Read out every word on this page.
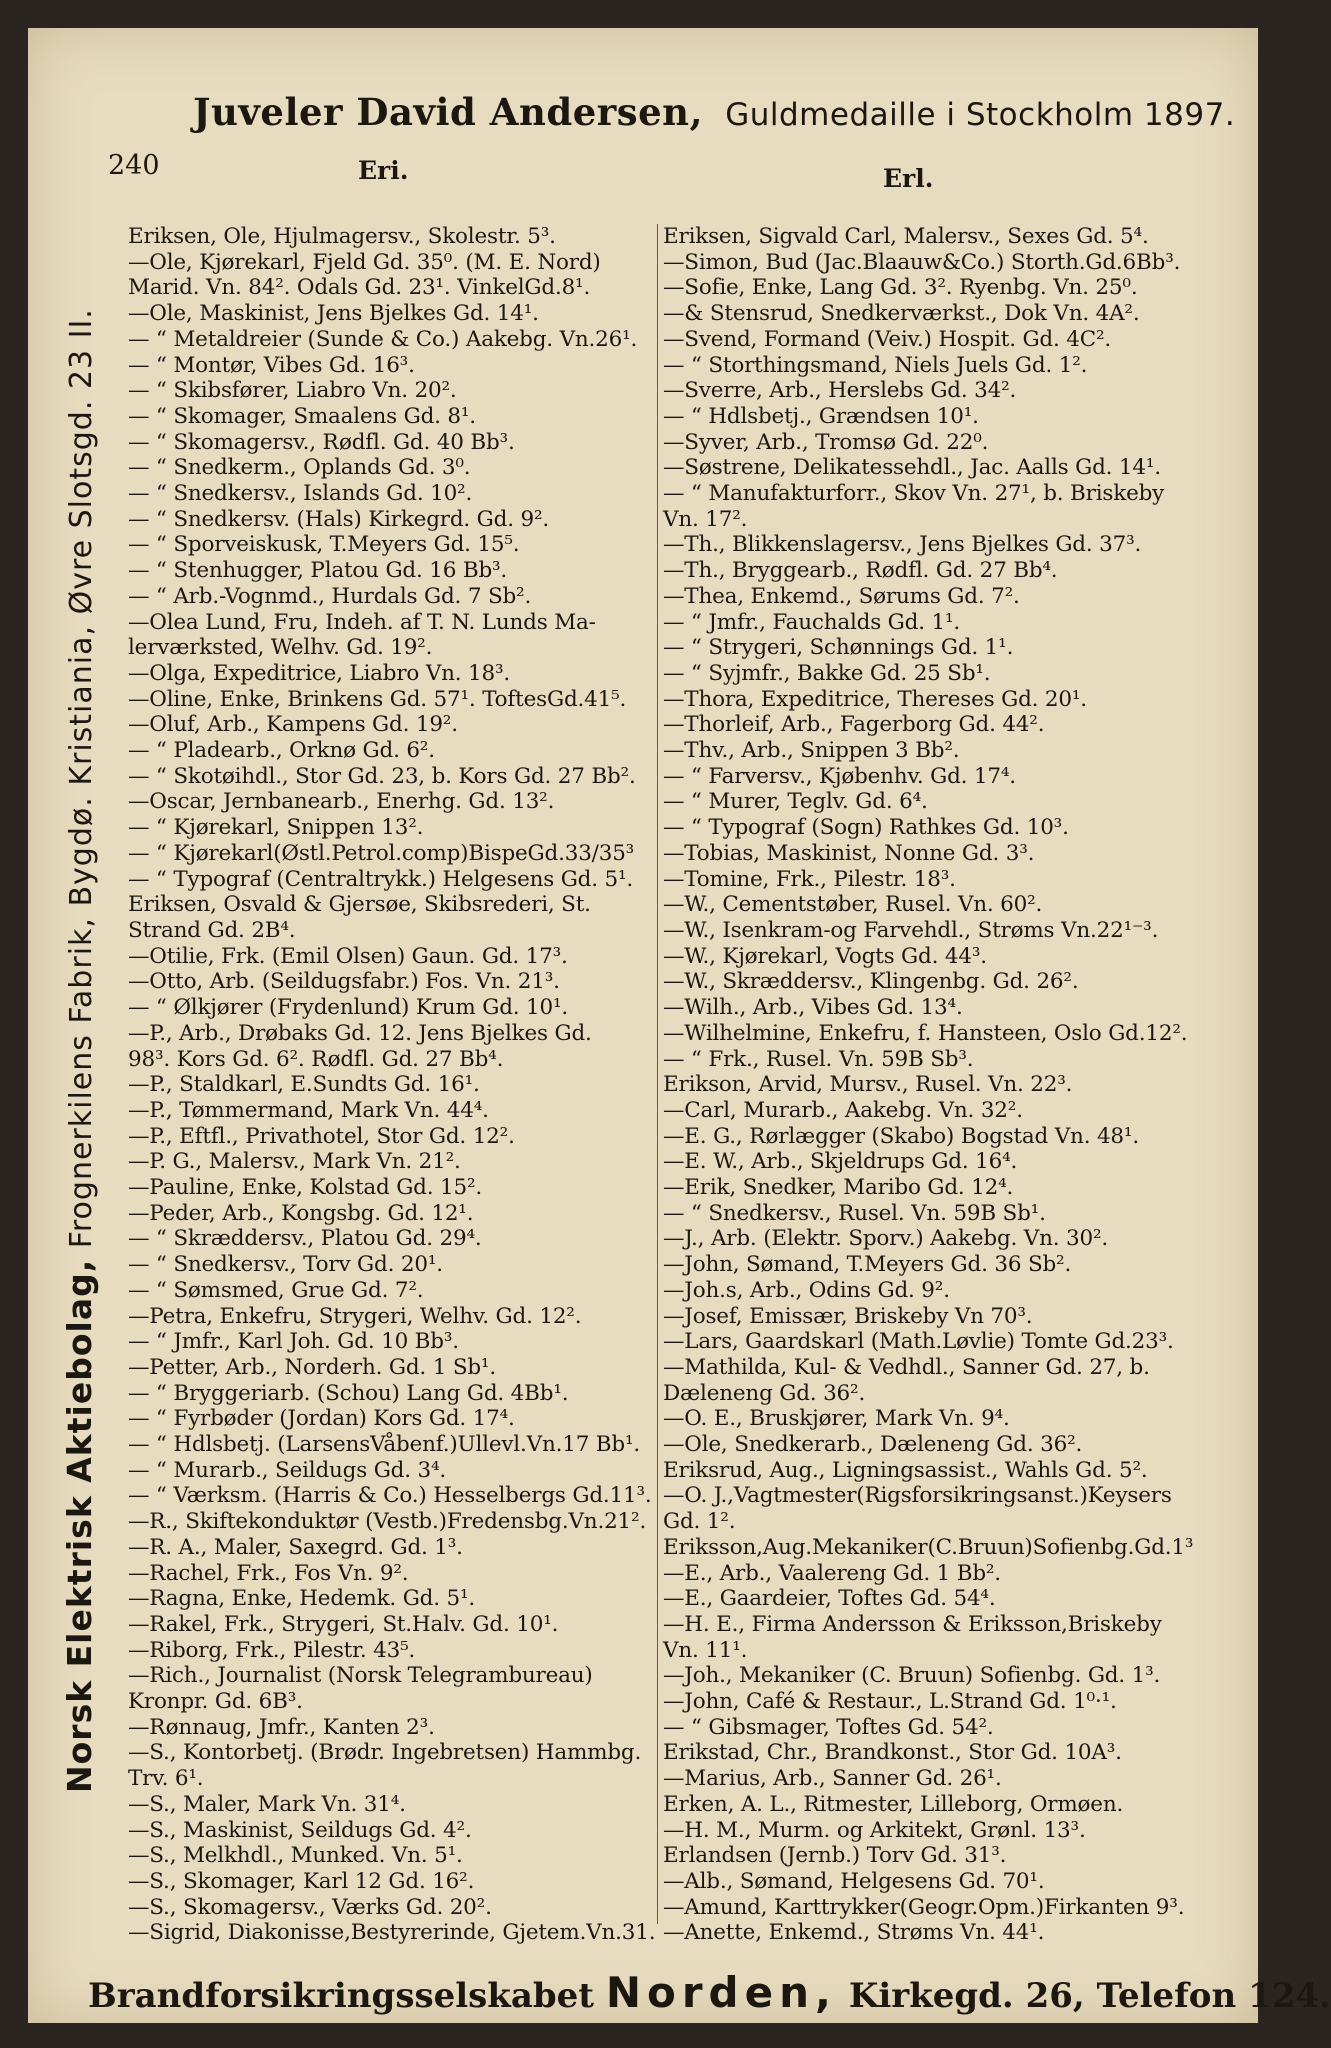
Juveler David Andersen, Guldmedaille i Stockholm 1897.
240	Eri.	Erl.
Norsk Elektrisk Aktiebolag, Frognerkilens Fabrik, Bygdø. Kristiania, Øvre Slotsgd. 23 II.
Eriksen, Ole, Hjulmagersv., Skolestr. 5³.
—Ole, Kjørekarl, Fjeld Gd. 35⁰. (M. E. Nord)
Marid. Vn. 84². Odals Gd. 23¹. VinkelGd.8¹.
—Ole, Maskinist, Jens Bjelkes Gd. 14¹.
— “ Metaldreier (Sunde & Co.) Aakebg. Vn.26¹.
— “ Montør, Vibes Gd. 16³.
— “ Skibsfører, Liabro Vn. 20².
— “ Skomager, Smaalens Gd. 8¹.
— “ Skomagersv., Rødfl. Gd. 40 Bb³.
— “ Snedkerm., Oplands Gd. 3⁰.
— “ Snedkersv., Islands Gd. 10².
— “ Snedkersv. (Hals) Kirkegrd. Gd. 9².
— “ Sporveiskusk, T.Meyers Gd. 15⁵.
— “ Stenhugger, Platou Gd. 16 Bb³.
— “ Arb.-Vognmd., Hurdals Gd. 7 Sb².
—Olea Lund, Fru, Indeh. af T. N. Lunds Ma-
lerværksted, Welhv. Gd. 19².
—Olga, Expeditrice, Liabro Vn. 18³.
—Oline, Enke, Brinkens Gd. 57¹. ToftesGd.41⁵.
—Oluf, Arb., Kampens Gd. 19².
— “ Pladearb., Orknø Gd. 6².
— “ Skotøihdl., Stor Gd. 23, b. Kors Gd. 27 Bb².
—Oscar, Jernbanearb., Enerhg. Gd. 13².
— “ Kjørekarl, Snippen 13².
— “ Kjørekarl(Østl.Petrol.comp)BispeGd.33/35³
— “ Typograf (Centraltrykk.) Helgesens Gd. 5¹.
Eriksen, Osvald & Gjersøe, Skibsrederi, St.
Strand Gd. 2B⁴.
—Otilie, Frk. (Emil Olsen) Gaun. Gd. 17³.
—Otto, Arb. (Seildugsfabr.) Fos. Vn. 21³.
— “ Ølkjører (Frydenlund) Krum Gd. 10¹.
—P., Arb., Drøbaks Gd. 12. Jens Bjelkes Gd.
98³. Kors Gd. 6². Rødfl. Gd. 27 Bb⁴.
—P., Staldkarl, E.Sundts Gd. 16¹.
—P., Tømmermand, Mark Vn. 44⁴.
—P., Eftfl., Privathotel, Stor Gd. 12².
—P. G., Malersv., Mark Vn. 21².
—Pauline, Enke, Kolstad Gd. 15².
—Peder, Arb., Kongsbg. Gd. 12¹.
— “ Skræddersv., Platou Gd. 29⁴.
— “ Snedkersv., Torv Gd. 20¹.
— “ Sømsmed, Grue Gd. 7².
—Petra, Enkefru, Strygeri, Welhv. Gd. 12².
— “ Jmfr., Karl Joh. Gd. 10 Bb³.
—Petter, Arb., Norderh. Gd. 1 Sb¹.
— “ Bryggeriarb. (Schou) Lang Gd. 4Bb¹.
— “ Fyrbøder (Jordan) Kors Gd. 17⁴.
— “ Hdlsbetj. (LarsensVåbenf.)Ullevl.Vn.17 Bb¹.
— “ Murarb., Seildugs Gd. 3⁴.
— “ Værksm. (Harris & Co.) Hesselbergs Gd.11³.
—R., Skiftekonduktør (Vestb.)Fredensbg.Vn.21².
—R. A., Maler, Saxegrd. Gd. 1³.
—Rachel, Frk., Fos Vn. 9².
—Ragna, Enke, Hedemk. Gd. 5¹.
—Rakel, Frk., Strygeri, St.Halv. Gd. 10¹.
—Riborg, Frk., Pilestr. 43⁵.
—Rich., Journalist (Norsk Telegrambureau)
Kronpr. Gd. 6B³.
—Rønnaug, Jmfr., Kanten 2³.
—S., Kontorbetj. (Brødr. Ingebretsen) Hammbg.
Trv. 6¹.
—S., Maler, Mark Vn. 31⁴.
—S., Maskinist, Seildugs Gd. 4².
—S., Melkhdl., Munked. Vn. 5¹.
—S., Skomager, Karl 12 Gd. 16².
—S., Skomagersv., Værks Gd. 20².
—Sigrid, Diakonisse,Bestyrerinde, Gjetem.Vn.31.
Eriksen, Sigvald Carl, Malersv., Sexes Gd. 5⁴.
—Simon, Bud (Jac.Blaauw&Co.) Storth.Gd.6Bb³.
—Sofie, Enke, Lang Gd. 3². Ryenbg. Vn. 25⁰.
—& Stensrud, Snedkerværkst., Dok Vn. 4A².
—Svend, Formand (Veiv.) Hospit. Gd. 4C².
— “ Storthingsmand, Niels Juels Gd. 1².
—Sverre, Arb., Herslebs Gd. 34².
— “ Hdlsbetj., Grændsen 10¹.
—Syver, Arb., Tromsø Gd. 22⁰.
—Søstrene, Delikatessehdl., Jac. Aalls Gd. 14¹.
— “ Manufakturforr., Skov Vn. 27¹, b. Briskeby
Vn. 17².
—Th., Blikkenslagersv., Jens Bjelkes Gd. 37³.
—Th., Bryggearb., Rødfl. Gd. 27 Bb⁴.
—Thea, Enkemd., Sørums Gd. 7².
— “ Jmfr., Fauchalds Gd. 1¹.
— “ Strygeri, Schønnings Gd. 1¹.
— “ Syjmfr., Bakke Gd. 25 Sb¹.
—Thora, Expeditrice, Thereses Gd. 20¹.
—Thorleif, Arb., Fagerborg Gd. 44².
—Thv., Arb., Snippen 3 Bb².
— “ Farversv., Kjøbenhv. Gd. 17⁴.
— “ Murer, Teglv. Gd. 6⁴.
— “ Typograf (Sogn) Rathkes Gd. 10³.
—Tobias, Maskinist, Nonne Gd. 3³.
—Tomine, Frk., Pilestr. 18³.
—W., Cementstøber, Rusel. Vn. 60².
—W., Isenkram-og Farvehdl., Strøms Vn.22¹⁻³.
—W., Kjørekarl, Vogts Gd. 44³.
—W., Skræddersv., Klingenbg. Gd. 26².
—Wilh., Arb., Vibes Gd. 13⁴.
—Wilhelmine, Enkefru, f. Hansteen, Oslo Gd.12².
— “ Frk., Rusel. Vn. 59B Sb³.
Erikson, Arvid, Mursv., Rusel. Vn. 22³.
—Carl, Murarb., Aakebg. Vn. 32².
—E. G., Rørlægger (Skabo) Bogstad Vn. 48¹.
—E. W., Arb., Skjeldrups Gd. 16⁴.
—Erik, Snedker, Maribo Gd. 12⁴.
— “ Snedkersv., Rusel. Vn. 59B Sb¹.
—J., Arb. (Elektr. Sporv.) Aakebg. Vn. 30².
—John, Sømand, T.Meyers Gd. 36 Sb².
—Joh.s, Arb., Odins Gd. 9².
—Josef, Emissær, Briskeby Vn 70³.
—Lars, Gaardskarl (Math.Løvlie) Tomte Gd.23³.
—Mathilda, Kul- & Vedhdl., Sanner Gd. 27, b.
Dæleneng Gd. 36².
—O. E., Bruskjører, Mark Vn. 9⁴.
—Ole, Snedkerarb., Dæleneng Gd. 36².
Eriksrud, Aug., Ligningsassist., Wahls Gd. 5².
—O. J.,Vagtmester(Rigsforsikringsanst.)Keysers
Gd. 1².
Eriksson,Aug.Mekaniker(C.Bruun)Sofienbg.Gd.1³
—E., Arb., Vaalereng Gd. 1 Bb².
—E., Gaardeier, Toftes Gd. 54⁴.
—H. E., Firma Andersson & Eriksson,Briskeby
Vn. 11¹.
—Joh., Mekaniker (C. Bruun) Sofienbg. Gd. 1³.
—John, Café & Restaur., L.Strand Gd. 1⁰·¹.
— “ Gibsmager, Toftes Gd. 54².
Erikstad, Chr., Brandkonst., Stor Gd. 10A³.
—Marius, Arb., Sanner Gd. 26¹.
Erken, A. L., Ritmester, Lilleborg, Ormøen.
—H. M., Murm. og Arkitekt, Grønl. 13³.
Erlandsen (Jernb.) Torv Gd. 31³.
—Alb., Sømand, Helgesens Gd. 70¹.
—Amund, Karttrykker(Geogr.Opm.)Firkanten 9³.
—Anette, Enkemd., Strøms Vn. 44¹.
Brandforsikringsselskabet Norden, Kirkegd. 26, Telefon 124.
